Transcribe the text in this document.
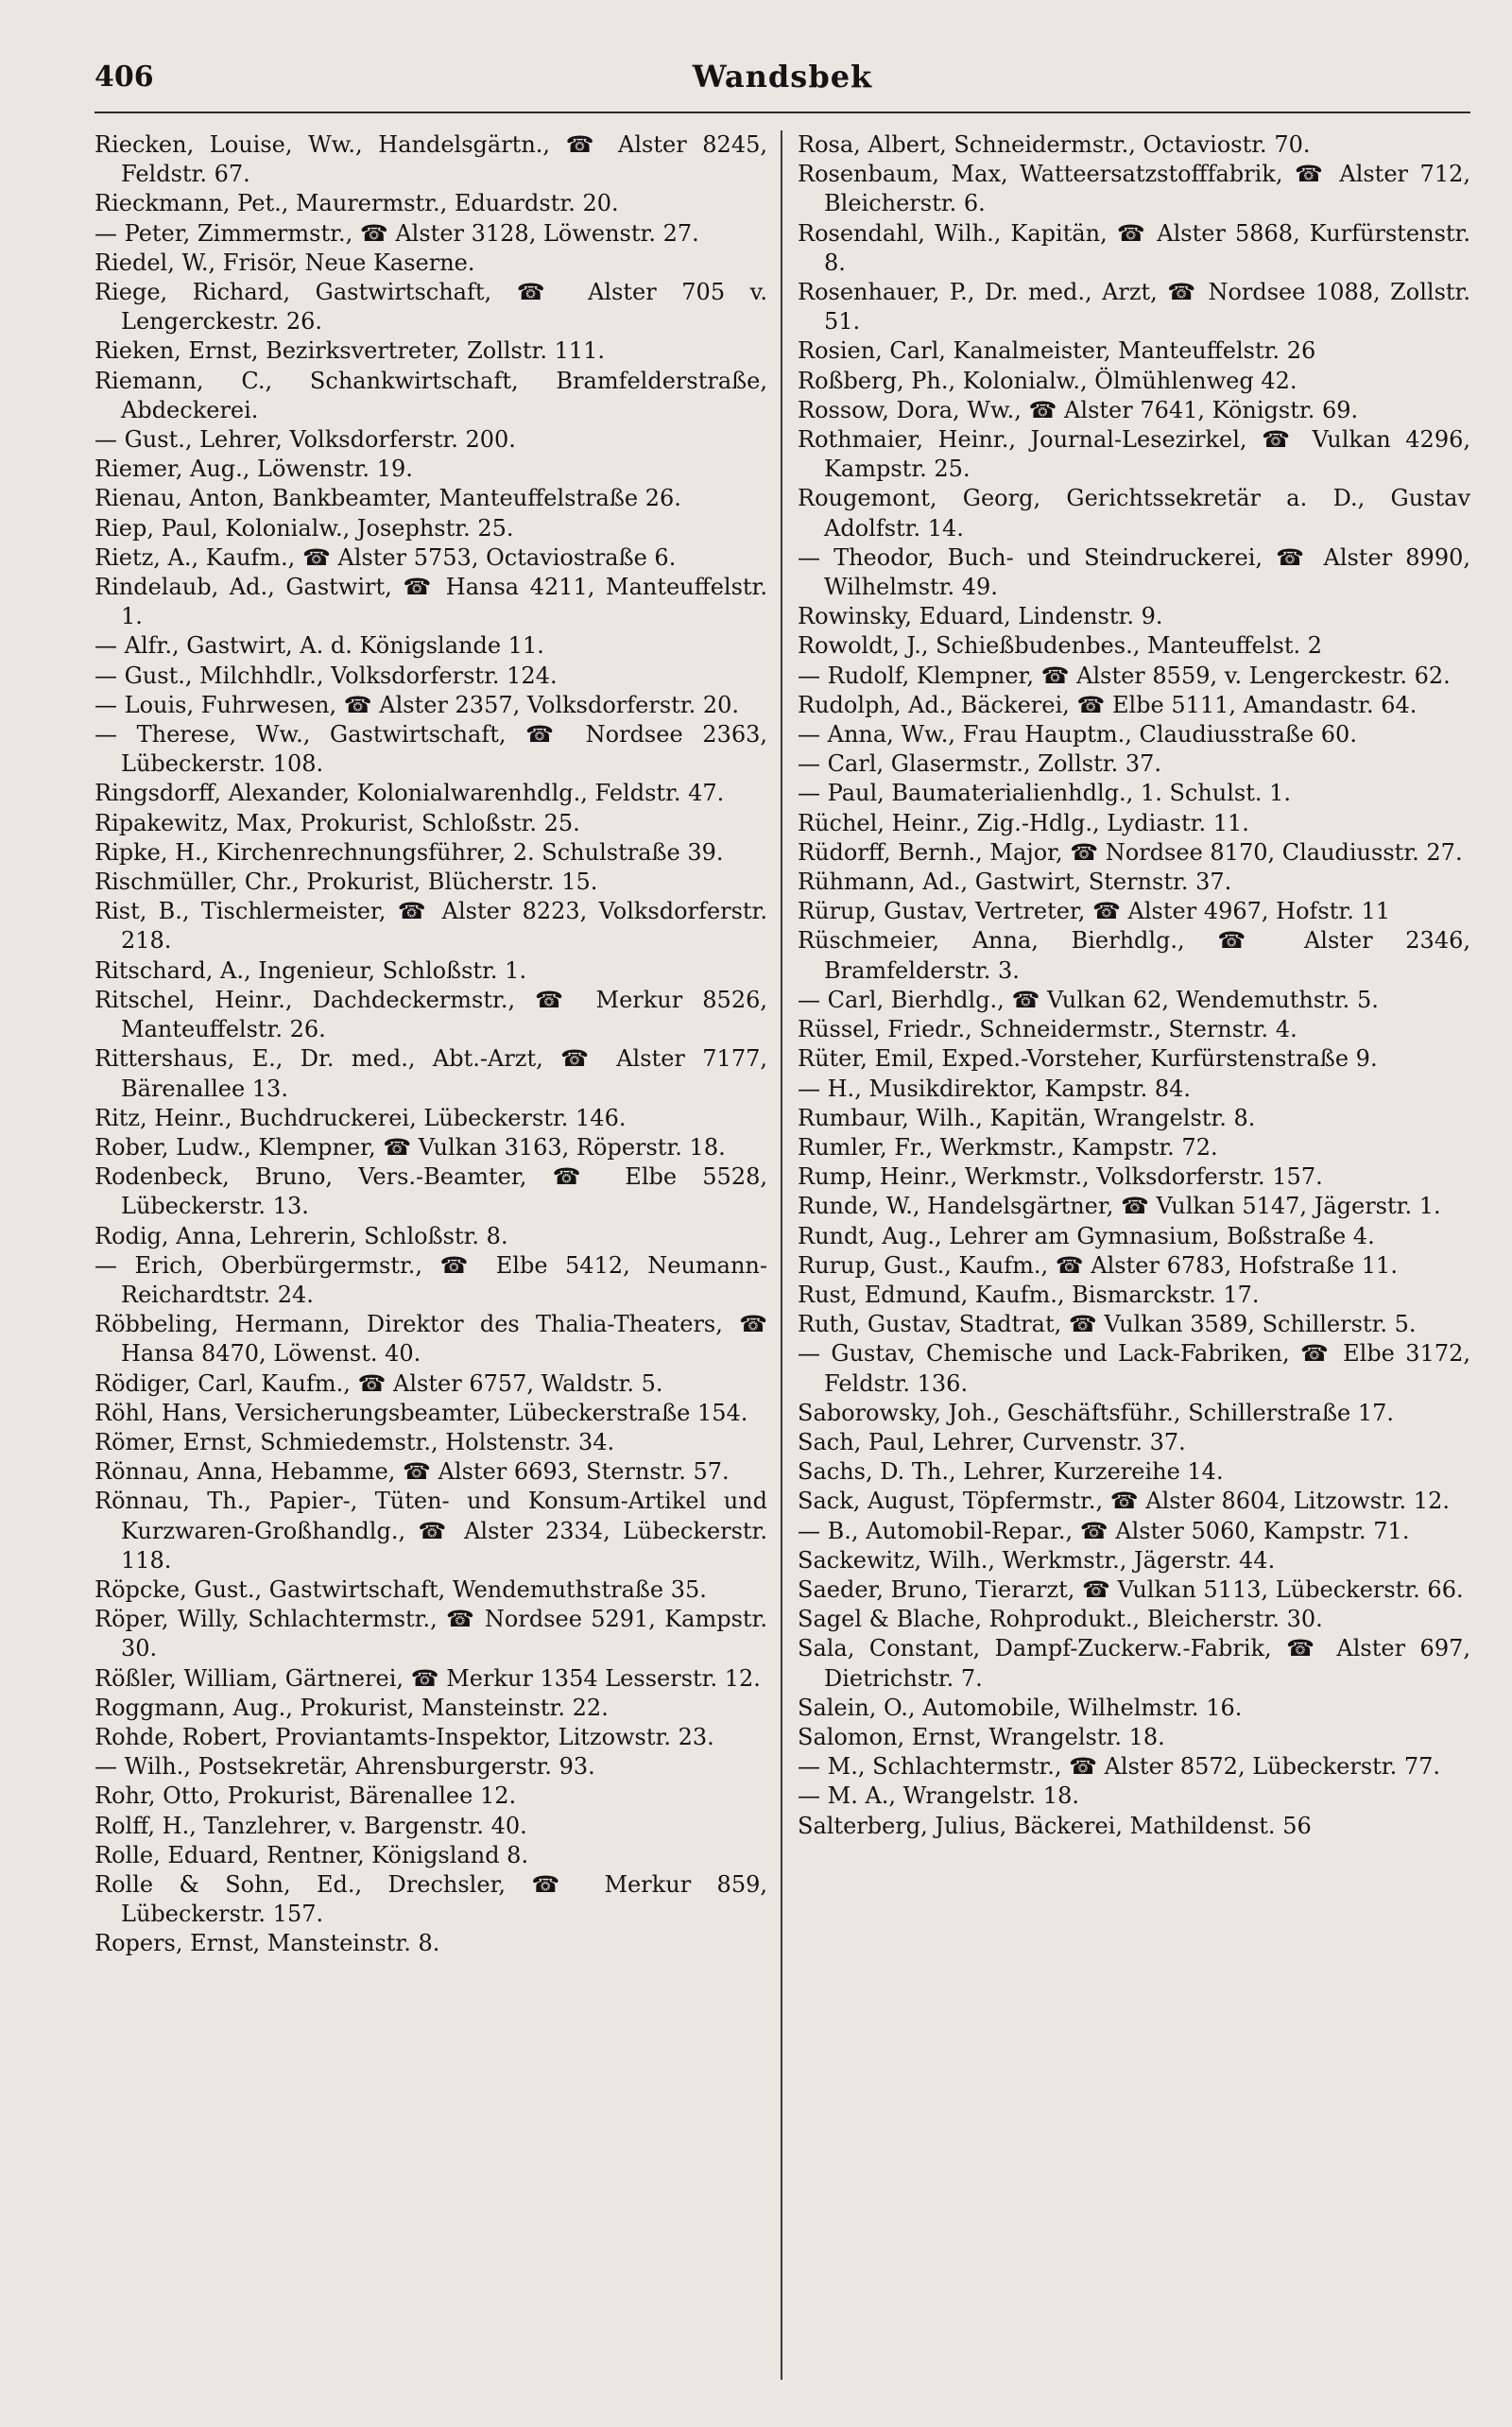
406	Wandsbek

Riecken, Louise, Ww., Handelsgärtn., ☎ Alster 8245, Feldstr. 67.

Rieckmann, Pet., Maurermstr., Eduardstr. 20.

— Peter, Zimmermstr., ☎ Alster 3128, Löwenstr. 27.

Riedel, W., Frisör, Neue Kaserne.

Riege, Richard, Gastwirtschaft, ☎ Alster 705 v. Lengerckestr. 26.

Rieken, Ernst, Bezirksvertreter, Zollstr. 111.

Riemann, C., Schankwirtschaft, Bramfelderstraße, Abdeckerei.

— Gust., Lehrer, Volksdorferstr. 200.

Riemer, Aug., Löwenstr. 19.

Rienau, Anton, Bankbeamter, Manteuffelstraße 26.

Riep, Paul, Kolonialw., Josephstr. 25.

Rietz, A., Kaufm., ☎ Alster 5753, Octaviostraße 6.

Rindelaub, Ad., Gastwirt, ☎ Hansa 4211, Manteuffelstr. 1.

— Alfr., Gastwirt, A. d. Königslande 11.

— Gust., Milchhdlr., Volksdorferstr. 124.

— Louis, Fuhrwesen, ☎ Alster 2357, Volksdorferstr. 20.

— Therese, Ww., Gastwirtschaft, ☎ Nordsee 2363, Lübeckerstr. 108.

Ringsdorff, Alexander, Kolonialwarenhdlg., Feldstr. 47.

Ripakewitz, Max, Prokurist, Schloßstr. 25.

Ripke, H., Kirchenrechnungsführer, 2. Schulstraße 39.

Rischmüller, Chr., Prokurist, Blücherstr. 15.

Rist, B., Tischlermeister, ☎ Alster 8223, Volksdorferstr. 218.

Ritschard, A., Ingenieur, Schloßstr. 1.

Ritschel, Heinr., Dachdeckermstr., ☎ Merkur 8526, Manteuffelstr. 26.

Rittershaus, E., Dr. med., Abt.-Arzt, ☎ Alster 7177, Bärenallee 13.

Ritz, Heinr., Buchdruckerei, Lübeckerstr. 146.

Rober, Ludw., Klempner, ☎ Vulkan 3163, Röperstr. 18.

Rodenbeck, Bruno, Vers.-Beamter, ☎ Elbe 5528, Lübeckerstr. 13.

Rodig, Anna, Lehrerin, Schloßstr. 8.

— Erich, Oberbürgermstr., ☎ Elbe 5412, Neumann-Reichardtstr. 24.

Röbbeling, Hermann, Direktor des Thalia-Theaters, ☎ Hansa 8470, Löwenst. 40.

Rödiger, Carl, Kaufm., ☎ Alster 6757, Waldstr. 5.

Röhl, Hans, Versicherungsbeamter, Lübeckerstraße 154.

Römer, Ernst, Schmiedemstr., Holstenstr. 34.

Rönnau, Anna, Hebamme, ☎ Alster 6693, Sternstr. 57.

Rönnau, Th., Papier-, Tüten- und Konsum-Artikel und Kurzwaren-Großhandlg., ☎ Alster 2334, Lübeckerstr. 118.

Röpcke, Gust., Gastwirtschaft, Wendemuthstraße 35.

Röper, Willy, Schlachtermstr., ☎ Nordsee 5291, Kampstr. 30.

Rößler, William, Gärtnerei, ☎ Merkur 1354 Lesserstr. 12.

Roggmann, Aug., Prokurist, Mansteinstr. 22.

Rohde, Robert, Proviantamts-Inspektor, Litzowstr. 23.

— Wilh., Postsekretär, Ahrensburgerstr. 93.

Rohr, Otto, Prokurist, Bärenallee 12.

Rolff, H., Tanzlehrer, v. Bargenstr. 40.

Rolle, Eduard, Rentner, Königsland 8.

Rolle & Sohn, Ed., Drechsler, ☎ Merkur 859, Lübeckerstr. 157.

Ropers, Ernst, Mansteinstr. 8.

Rosa, Albert, Schneidermstr., Octaviostr. 70.

Rosenbaum, Max, Watteersatzstofffabrik, ☎ Alster 712, Bleicherstr. 6.

Rosendahl, Wilh., Kapitän, ☎ Alster 5868, Kurfürstenstr. 8.

Rosenhauer, P., Dr. med., Arzt, ☎ Nordsee 1088, Zollstr. 51.

Rosien, Carl, Kanalmeister, Manteuffelstr. 26

Roßberg, Ph., Kolonialw., Ölmühlenweg 42.

Rossow, Dora, Ww., ☎ Alster 7641, Königstr. 69.

Rothmaier, Heinr., Journal-Lesezirkel, ☎ Vulkan 4296, Kampstr. 25.

Rougemont, Georg, Gerichtssekretär a. D., Gustav Adolfstr. 14.

— Theodor, Buch- und Steindruckerei, ☎ Alster 8990, Wilhelmstr. 49.

Rowinsky, Eduard, Lindenstr. 9.

Rowoldt, J., Schießbudenbes., Manteuffelst. 2

— Rudolf, Klempner, ☎ Alster 8559, v. Lengerckestr. 62.

Rudolph, Ad., Bäckerei, ☎ Elbe 5111, Amandastr. 64.

— Anna, Ww., Frau Hauptm., Claudiusstraße 60.

— Carl, Glasermstr., Zollstr. 37.

— Paul, Baumaterialienhdlg., 1. Schulst. 1.

Rüchel, Heinr., Zig.-Hdlg., Lydiastr. 11.

Rüdorff, Bernh., Major, ☎ Nordsee 8170, Claudiusstr. 27.

Rühmann, Ad., Gastwirt, Sternstr. 37.

Rürup, Gustav, Vertreter, ☎ Alster 4967, Hofstr. 11

Rüschmeier, Anna, Bierhdlg., ☎ Alster 2346, Bramfelderstr. 3.

— Carl, Bierhdlg., ☎ Vulkan 62, Wendemuthstr. 5.

Rüssel, Friedr., Schneidermstr., Sternstr. 4.

Rüter, Emil, Exped.-Vorsteher, Kurfürstenstraße 9.

— H., Musikdirektor, Kampstr. 84.

Rumbaur, Wilh., Kapitän, Wrangelstr. 8.

Rumler, Fr., Werkmstr., Kampstr. 72.

Rump, Heinr., Werkmstr., Volksdorferstr. 157.

Runde, W., Handelsgärtner, ☎ Vulkan 5147, Jägerstr. 1.

Rundt, Aug., Lehrer am Gymnasium, Boßstraße 4.

Rurup, Gust., Kaufm., ☎ Alster 6783, Hofstraße 11.

Rust, Edmund, Kaufm., Bismarckstr. 17.

Ruth, Gustav, Stadtrat, ☎ Vulkan 3589, Schillerstr. 5.

— Gustav, Chemische und Lack-Fabriken, ☎ Elbe 3172, Feldstr. 136.

Saborowsky, Joh., Geschäftsführ., Schillerstraße 17.

Sach, Paul, Lehrer, Curvenstr. 37.

Sachs, D. Th., Lehrer, Kurzereihe 14.

Sack, August, Töpfermstr., ☎ Alster 8604, Litzowstr. 12.

— B., Automobil-Repar., ☎ Alster 5060, Kampstr. 71.

Sackewitz, Wilh., Werkmstr., Jägerstr. 44.

Saeder, Bruno, Tierarzt, ☎ Vulkan 5113, Lübeckerstr. 66.

Sagel & Blache, Rohprodukt., Bleicherstr. 30.

Sala, Constant, Dampf-Zuckerw.-Fabrik, ☎ Alster 697, Dietrichstr. 7.

Salein, O., Automobile, Wilhelmstr. 16.

Salomon, Ernst, Wrangelstr. 18.

— M., Schlachtermstr., ☎ Alster 8572, Lübeckerstr. 77.

— M. A., Wrangelstr. 18.

Salterberg, Julius, Bäckerei, Mathildenst. 56
